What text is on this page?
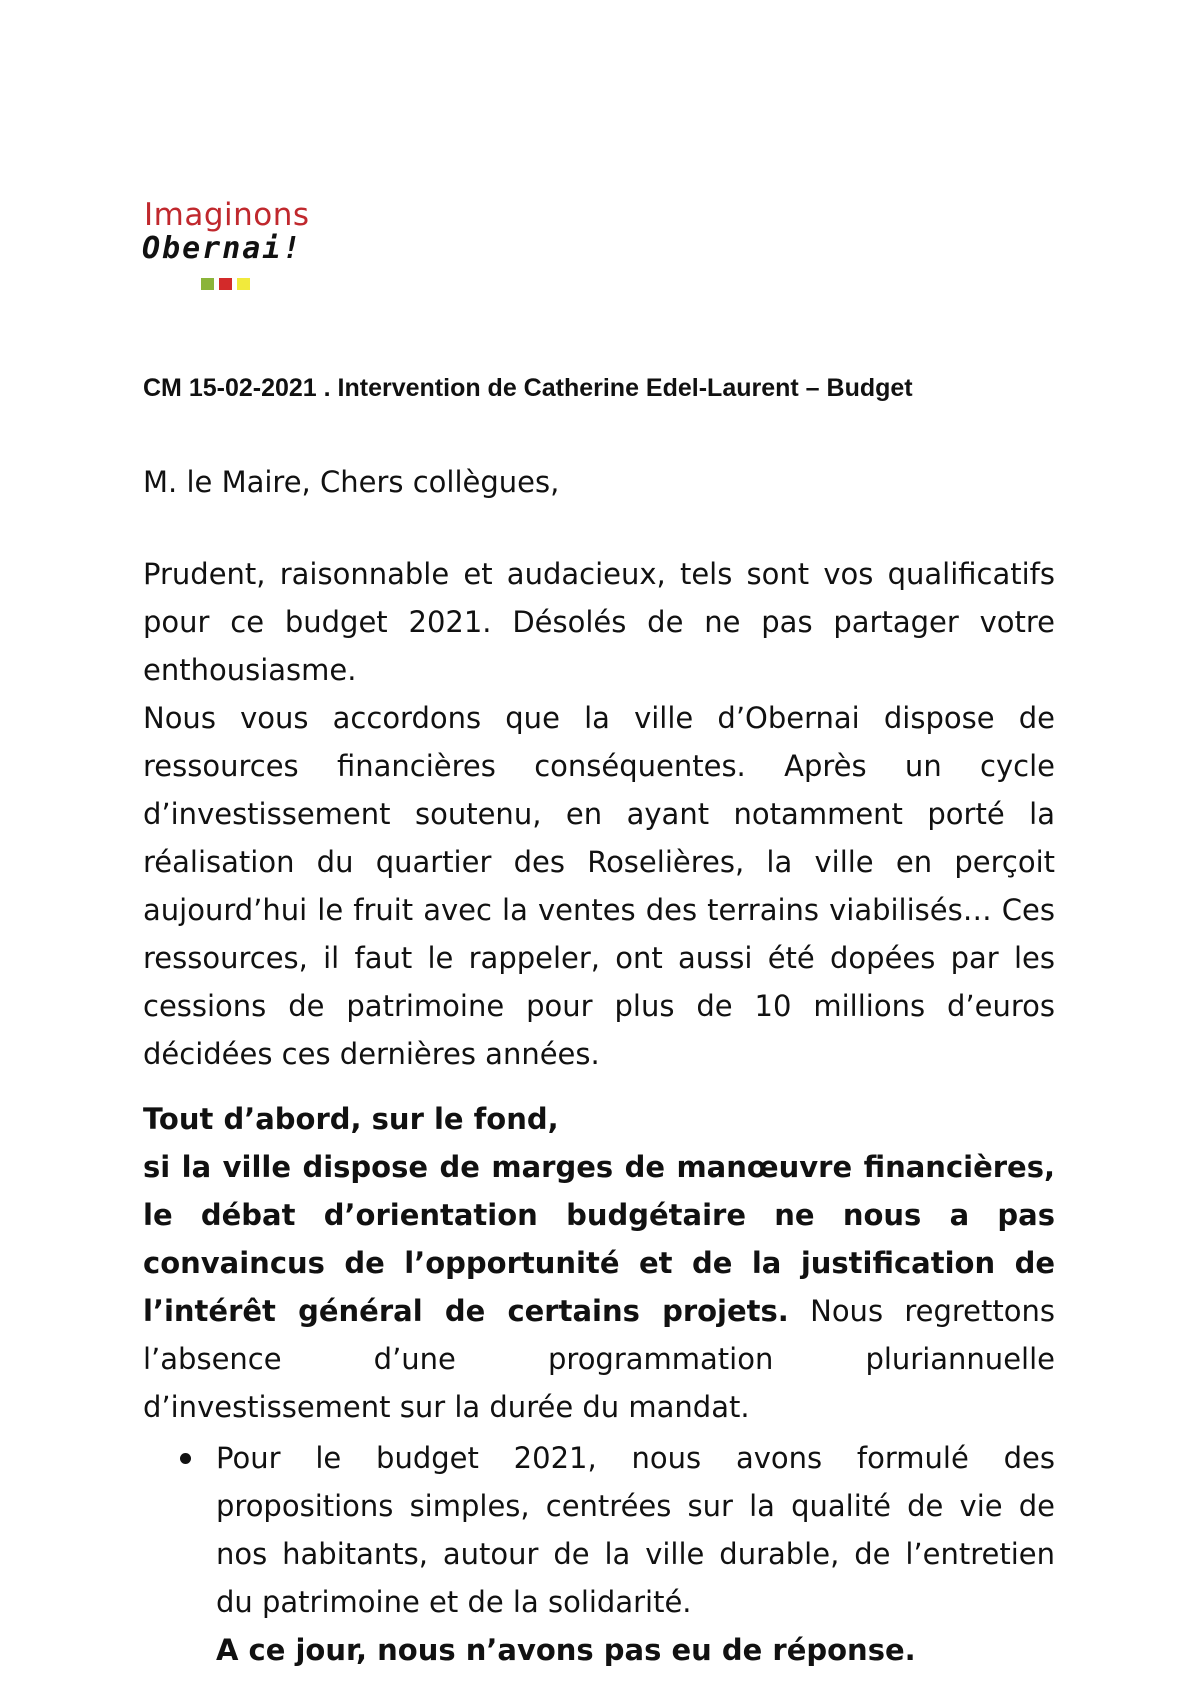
Imaginons
Obernai!
CM 15-02-2021 . Intervention de Catherine Edel-Laurent – Budget
M. le Maire, Chers collègues,

Prudent, raisonnable et audacieux, tels sont vos qualificatifs pour ce budget 2021. Désolés de ne pas partager votre enthousiasme.

Nous vous accordons que la ville d’Obernai dispose de ressources financières conséquentes. Après un cycle d’investissement soutenu, en ayant notamment porté la réalisation du quartier des Roselières, la ville en perçoit aujourd’hui le fruit avec la ventes des terrains viabilisés… Ces ressources, il faut le rappeler, ont aussi été dopées par les cessions de patrimoine pour plus de 10 millions d’euros décidées ces dernières années.

Tout d’abord, sur le fond,

si la ville dispose de marges de manœuvre financières, le débat d’orientation budgétaire ne nous a pas convaincus de l’opportunité et de la justification de l’intérêt général de certains projets. Nous regrettons l’absence d’une programmation pluriannuelle d’investissement sur la durée du mandat.

Pour le budget 2021, nous avons formulé des propositions simples, centrées sur la qualité de vie de nos habitants, autour de la ville durable, de l’entretien du patrimoine et de la solidarité.
A ce jour, nous n’avons pas eu de réponse.
